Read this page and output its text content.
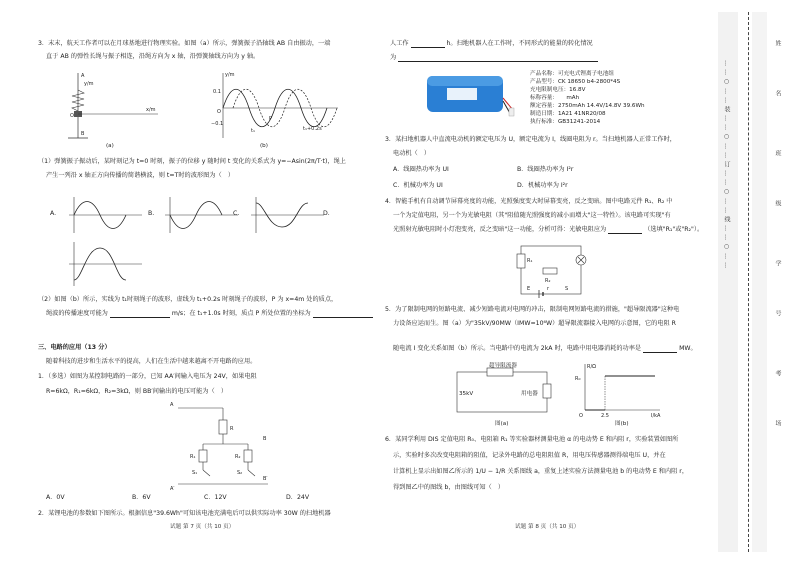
3．末末，航天工作者可以在月球基地进行物理实验。如图（a）所示，弹簧振子沿轴线 AB 自由振动，一端
直于 AB 的弹性长绳与振子相连，沿绳方向为 x 轴，沿弹簧轴线方向为 y 轴。
A
y/m
B
O
x/m
(a)
0.1
−0.1
y/m
O
P
t₁	t₁+0.2s
(b)
（1）弹簧振子振动后，某时刻记为 t=0 时刻，振子的位移 y 随时间 t 变化的关系式为 y=−Asin(2π/T·t)，绳上
产生一列沿 x 轴正方向传播的简谐横波，则 t=T时的波形图为（　）
A.	B.	C.	D.
（2）如图（b）所示，实线为 t₁时刻绳子的波形，虚线为 t₁+0.2s 时刻绳子的波形，P 为 x=4m 处的质点，
绳波的传播速度可能为	m/s；在 t₁+1.0s 时刻，质点 P 所处位置的坐标为
三、电路的应用（13 分）
随着科技的进步和生活水平的提高，人们在生活中越来越离不开电路的应用。
1．（多选）如图为某控制电路的一部分，已知 AA′间输入电压为 24V，如果电阻
R=6kΩ，R₁=6kΩ，R₂=3kΩ，则 BB′间输出的电压可能为（　）
A
A′
R
R₁	R₂
S₁	S₂
B
B′
A．0V	B．6V	C．12V	D．24V
2．某锂电池的参数如下图所示。根据信息"39.6Wh"可知该电池充满电后可以供实际功率 30W 的扫地机器
试题 第 7 页（共 10 页）
人工作	h。扫地机器人在工作时，不同形式的能量的转化情况
为
产品名称：可充电式锂离子电池组
产品型号：CK 18650 b4-2800*4S
充电限制电压：16.8V
标称容量：　　mAh
额定容量：2750mAh 14.4V/14.8V 39.6Wh
制造日期：1A21 41NR20/08
执行标准：GB31241-2014
3．某扫地机器人中直流电动机的额定电压为 U，额定电流为 I，线圈电阻为 r。当扫地机器人正常工作时，
电动机（　）
A．线圈热功率为 UI	B．线圈热功率为 I²r
C．机械功率为 UI	D．机械功率为 I²r
4．智能手机有自动调节屏幕亮度的功能，光照强度变大时屏幕变亮，反之变暗。图中电路元件 R₁、R₂ 中
一个为定值电阻，另一个为光敏电阻（其"阻值随光照强度的减小而增大"这一特性）。该电路可实现"有
光照射光敏电阻时小灯泡变亮，反之变暗"这一功能，分析可得：光敏电阻应为	（选填"R₁"或"R₂"）。
R₁
R₂
E	r	S
5．为了限制电网的短路电流、减少短路电流对电网的冲击，限制电网短路电流的措施，"超导限流器"这种电
力设备应运而生。图（a）为"35kV/90MW（IMW=10⁶W）超导限流器接入电网的示意图，它的电阻 R
随电流 I 变化关系如图（b）所示。当电路中的电流为 2kA 时，电路中用电器消耗的功率是	MW。
超导限流器
35kV	用电器
图(a)
R₀
R/Ω
2.5	I/kA
O
图(b)
6．某同学利用 DIS 定值电阻 R₀、电阻箱 R₁ 等实验器材测量电池 α 的电动势 E 和内阻 r，实验装置如图所
示，实验时多次改变电阻箱的阻值，记录外电路的总电阻阻值 R，用电压传感器测得端电压 U，并在
计算机上显示出如图乙所示的 1/U − 1/R 关系图线 a，重复上述实验方法测量电池 b 的电动势 E 和内阻 r，
得到图乙中的图线 b，由图线可知（　）
试题 第 8 页（共 10 页）
……○……装……○……订……○……线……○……
姓
名
班
级
学
号
考
场
